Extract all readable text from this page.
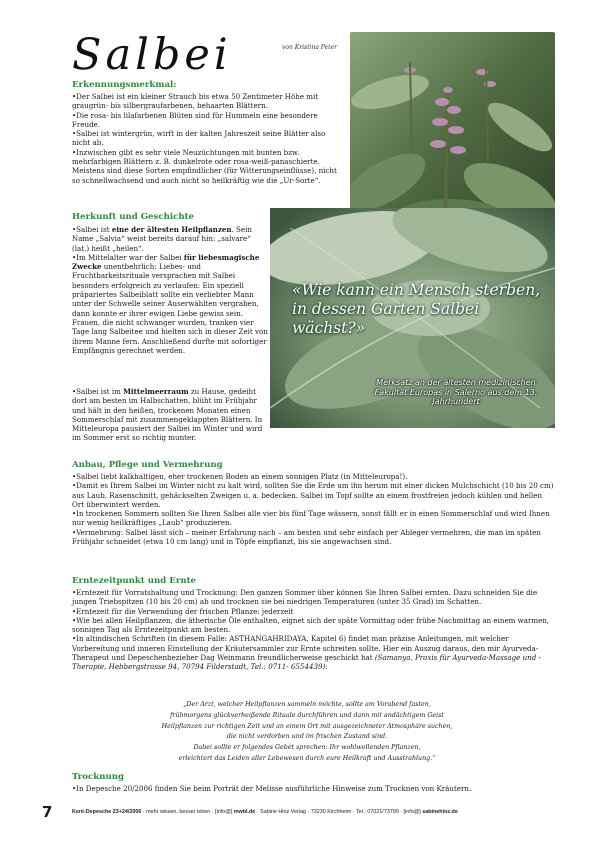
Salbei	von Kristina Peter
«Wie kann ein Mensch sterben, in dessen Garten Salbei wächst?»
Merksatz an der ältesten medizinischen Fakultät Europas in Salerno aus dem 13. Jahrhundert
Erkennungsmerkmal:

•Der Salbei ist ein kleiner Strauch bis etwa 50 Zentimeter Höhe mit graugrün- bis silbergraufarbenen, behaarten Blättern.

•Die rosa- bis lilafarbenen Blüten sind für Hummeln eine besondere Freude.

•Salbei ist wintergrün, wirft in der kalten Jahreszeit seine Blätter also nicht ab.

•Inzwischen gibt es sehr viele Neuzüchtungen mit bunten bzw. mehrfarbigen Blättern z. B. dunkelrote oder rosa-weiß-panaschierte. Meistens sind diese Sorten empfindlicher (für Witterungseinflüsse), nicht so schnellwachsend und auch nicht so heilkräftig wie die „Ur-Sorte“.

Herkunft und Geschichte

•Salbei ist eine der ältesten Heilpflanzen. Sein Name „Salvia“ weist bereits darauf hin: „salvare“ (lat.) heißt „heilen“.

•Im Mittelalter war der Salbei für liebesmagische Zwecke unentbehrlich: Liebes- und Fruchtbarkeitsrituale versprachen mit Salbei besonders erfolgreich zu verlaufen: Ein speziell präpariertes Salbeiblatt sollte ein verliebter Mann unter der Schwelle seiner Auserwählten vergraben, dann konnte er ihrer ewigen Liebe gewiss sein. Frauen, die nicht schwanger wurden, tranken vier Tage lang Salbeitee und hielten sich in dieser Zeit von ihrem Manne fern. Anschließend durfte mit sofortiger Empfängnis gerechnet werden.

•Salbei ist im Mittelmeerraum zu Hause, gedeiht dort am besten im Halbschatten, blüht im Frühjahr und hält in den heißen, trockenen Monaten einen Sommerschlaf mit zusammengeklappten Blättern. In Mitteleuropa pausiert der Salbei im Winter und wird im Sommer erst so richtig munter.

Anbau, Pflege und Vermehrung

•Salbei liebt kalkhaltigen, eher trockenen Boden an einem sonnigen Platz (in Mitteleuropa!).

•Damit es Ihrem Salbei im Winter nicht zu kalt wird, sollten Sie die Erde um ihn herum mit einer dicken Mulchschicht (10 bis 20 cm) aus Laub, Rasenschnitt, gehäckselten Zweigen u. a. bedecken. Salbei im Topf sollte an einem frostfreien jedoch kühlen und hellen Ort überwintert werden.

•In trockenen Sommern sollten Sie Ihren Salbei alle vier bis fünf Tage wässern, sonst fällt er in einen Sommerschlaf und wird Ihnen nur wenig heilkräftiges „Laub“ produzieren.

•Vermehrung: Salbei lässt sich – meiner Erfahrung nach – am besten und sehr einfach per Ableger vermehren, die man im späten Frühjahr schneidet (etwa 10 cm lang) und in Töpfe einpflanzt, bis sie angewachsen sind.

Erntezeitpunkt und Ernte

•Erntezeit für Vorratshaltung und Trocknung: Den ganzen Sommer über können Sie Ihren Salbei ernten. Dazu schneiden Sie die jungen Triebspitzen (10 bis 20 cm) ab und trocknen sie bei niedrigen Temperaturen (unter 35 Grad) im Schatten.

•Erntezeit für die Verwendung der frischen Pflanze: jederzeit

•Wie bei allen Heilpflanzen, die ätherische Öle enthalten, eignet sich der späte Vormittag oder frühe Nachmittag an einem warmen, sonnigen Tag als Erntezeitpunkt am besten.

•In altindischen Schriften (in diesem Falle: ASTHANGAHRIDAYA, Kapitel 6) findet man präzise Anleitungen, mit welcher Vorbereitung und inneren Einstellung der Kräutersammler zur Ernte schreiten sollte. Hier ein Auszug daraus, den mir Ayurveda-Therapeut und Depeschenbezieher Dag Weinmann freundlicherweise geschickt hat (Samanya, Praxis für Ayurveda-Massage und -Therapie, Hebbergstrasse 94, 70794 Filderstadt, Tel.: 0711- 6554439):

„Der Arzt, welcher Heilpflanzen sammeln möchte, sollte am Vorabend fasten,
frühmorgens glückverheißende Rituale durchführen und dann mit andächtigem Geist
Heilpflanzen zur richtigen Zeit und an einem Ort mit ausgezeichneter Atmosphäre suchen,
die nicht verdorben und im frischen Zustand sind.
Dabei sollte er folgendes Gebet sprechen: Ihr wohlwollenden Pflanzen,
erleichtert das Leiden aller Lebewesen durch eure Heilkraft und Ausstrahlung.“
Trocknung

•In Depesche 20/2006 finden Sie beim Porträt der Melisse ausführliche Hinweise zum Trocknen von Kräutern.

7	Kent-Depesche 23+24/2006 · mehr wissen, besser leben · [info@] mwbl.de · Sabine Hinz Verlag · 73230 Kirchheim · Tel.: 07021/73790 · [info@] sabinehinz.de
